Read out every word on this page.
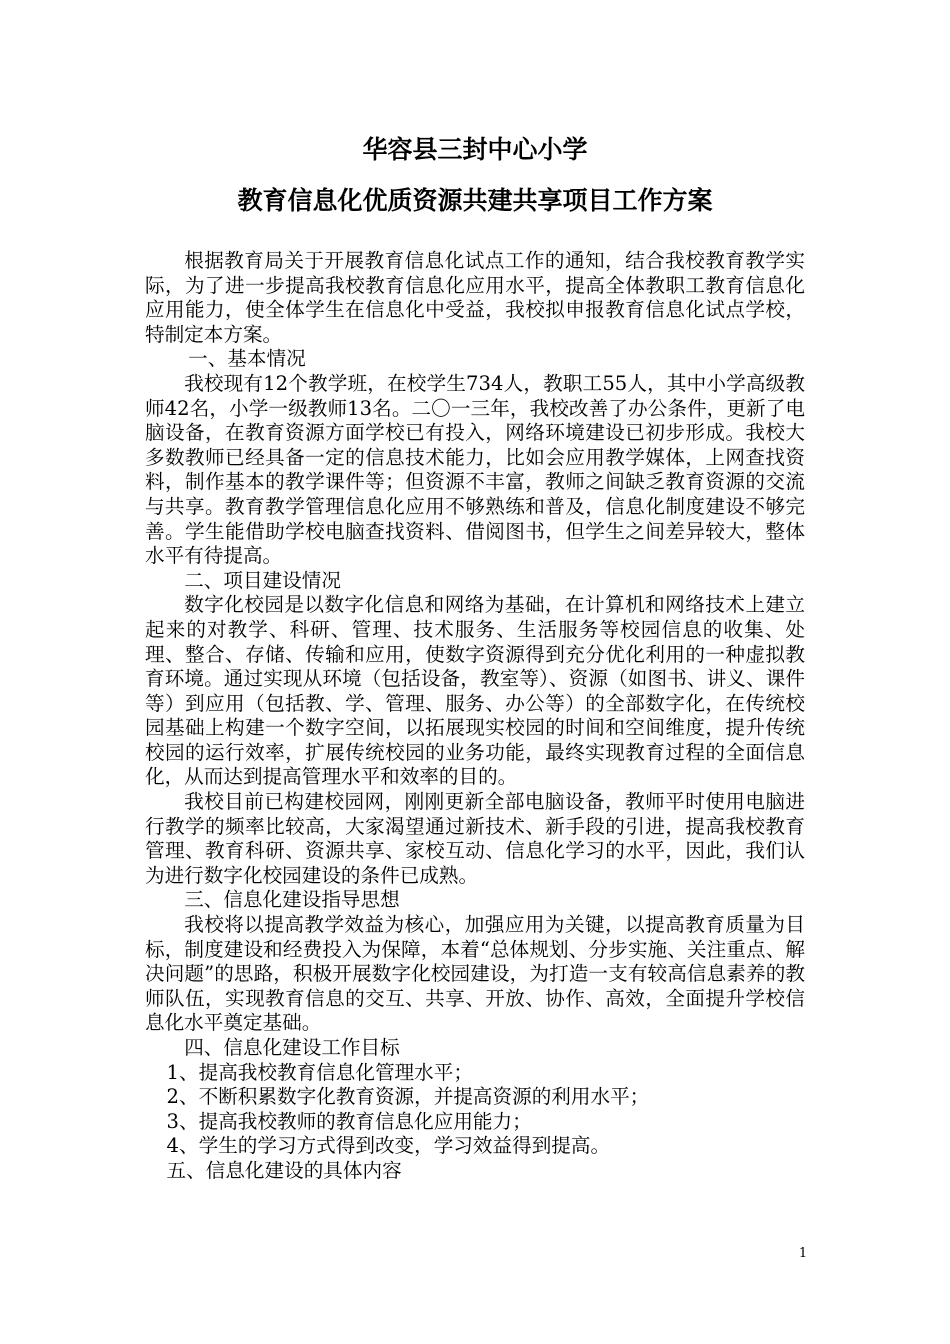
华容县三封中心小学
教育信息化优质资源共建共享项目工作方案

根据教育局关于开展教育信息化试点工作的通知，结合我校教育教学实际，为了进一步提高我校教育信息化应用水平，提高全体教职工教育信息化应用能力，使全体学生在信息化中受益，我校拟申报教育信息化试点学校，特制定本方案。

一、基本情况

我校现有12个教学班，在校学生734人，教职工55人，其中小学高级教师42名，小学一级教师13名。二〇一三年，我校改善了办公条件，更新了电脑设备，在教育资源方面学校已有投入，网络环境建设已初步形成。我校大多数教师已经具备一定的信息技术能力，比如会应用教学媒体，上网查找资料，制作基本的教学课件等；但资源不丰富，教师之间缺乏教育资源的交流与共享。教育教学管理信息化应用不够熟练和普及，信息化制度建设不够完善。学生能借助学校电脑查找资料、借阅图书，但学生之间差异较大，整体水平有待提高。

二、项目建设情况

数字化校园是以数字化信息和网络为基础，在计算机和网络技术上建立起来的对教学、科研、管理、技术服务、生活服务等校园信息的收集、处理、整合、存储、传输和应用，使数字资源得到充分优化利用的一种虚拟教育环境。通过实现从环境（包括设备，教室等）、资源（如图书、讲义、课件等）到应用（包括教、学、管理、服务、办公等）的全部数字化，在传统校园基础上构建一个数字空间，以拓展现实校园的时间和空间维度，提升传统校园的运行效率，扩展传统校园的业务功能，最终实现教育过程的全面信息化，从而达到提高管理水平和效率的目的。

我校目前已构建校园网，刚刚更新全部电脑设备，教师平时使用电脑进行教学的频率比较高，大家渴望通过新技术、新手段的引进，提高我校教育管理、教育科研、资源共享、家校互动、信息化学习的水平，因此，我们认为进行数字化校园建设的条件已成熟。

三、信息化建设指导思想

我校将以提高教学效益为核心，加强应用为关键，以提高教育质量为目标，制度建设和经费投入为保障，本着“总体规划、分步实施、关注重点、解决问题”的思路，积极开展数字化校园建设，为打造一支有较高信息素养的教师队伍，实现教育信息的交互、共享、开放、协作、高效，全面提升学校信息化水平奠定基础。

四、信息化建设工作目标

1、提高我校教育信息化管理水平；

2、不断积累数字化教育资源，并提高资源的利用水平；

3、提高我校教师的教育信息化应用能力；

4、学生的学习方式得到改变，学习效益得到提高。

五、信息化建设的具体内容

1
